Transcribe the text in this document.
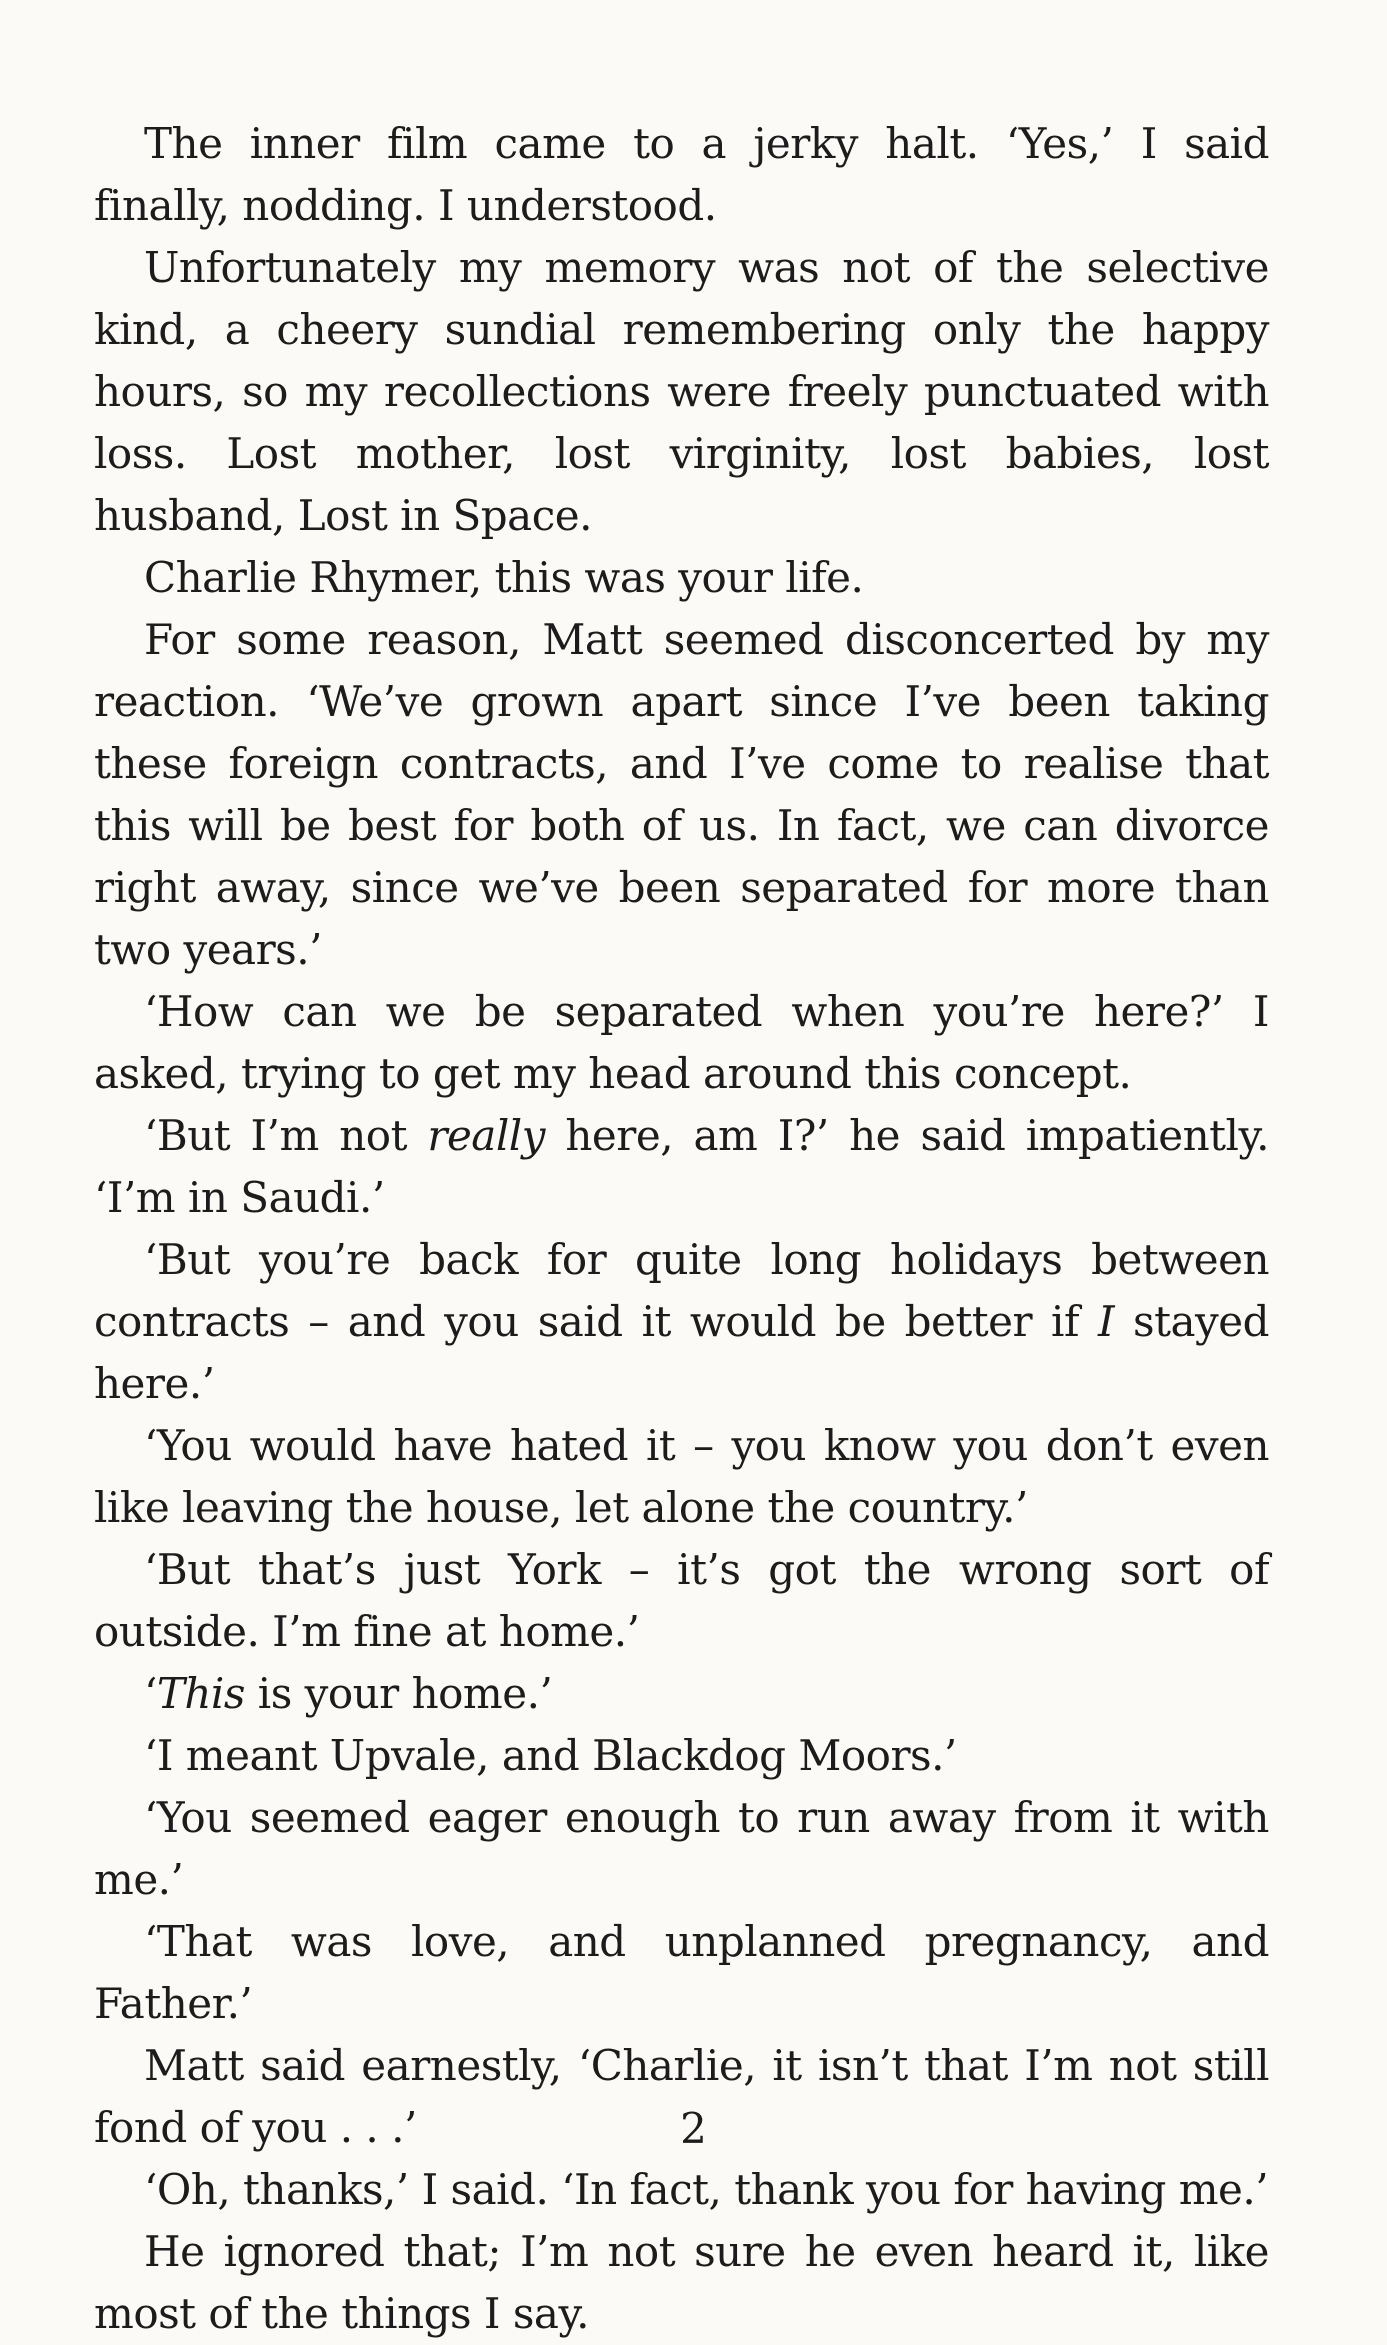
The inner film came to a jerky halt. ‘Yes,’ I said finally, nodding. I understood.

Unfortunately my memory was not of the selective kind, a cheery sundial remembering only the happy hours, so my recollections were freely punctuated with loss. Lost mother, lost virginity, lost babies, lost husband, Lost in Space.

Charlie Rhymer, this was your life.

For some reason, Matt seemed disconcerted by my reaction. ‘We’ve grown apart since I’ve been taking these foreign contracts, and I’ve come to realise that this will be best for both of us. In fact, we can divorce right away, since we’ve been separated for more than two years.’

‘How can we be separated when you’re here?’ I asked, trying to get my head around this concept.

‘But I’m not really here, am I?’ he said impatiently. ‘I’m in Saudi.’

‘But you’re back for quite long holidays between contracts – and you said it would be better if I stayed here.’

‘You would have hated it – you know you don’t even like leaving the house, let alone the country.’

‘But that’s just York – it’s got the wrong sort of outside. I’m fine at home.’

‘This is your home.’

‘I meant Upvale, and Blackdog Moors.’

‘You seemed eager enough to run away from it with me.’

‘That was love, and unplanned pregnancy, and Father.’

Matt said earnestly, ‘Charlie, it isn’t that I’m not still fond of you . . .’

‘Oh, thanks,’ I said. ‘In fact, thank you for having me.’

He ignored that; I’m not sure he even heard it, like most of the things I say.

2
